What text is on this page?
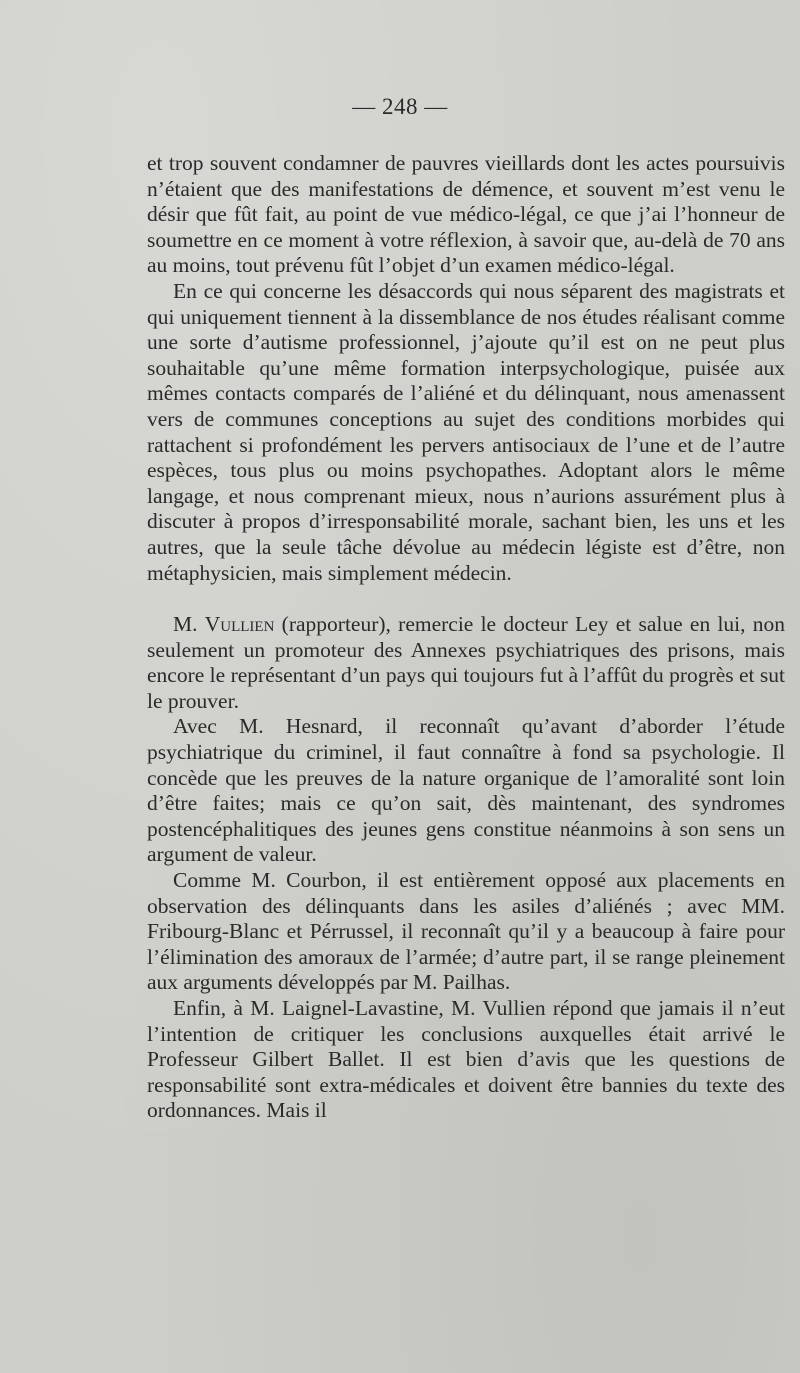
— 248 —

et trop souvent condamner de pauvres vieillards dont les actes poursuivis n’étaient que des manifestations de démence, et souvent m’est venu le désir que fût fait, au point de vue médico-légal, ce que j’ai l’honneur de soumettre en ce moment à votre réflexion, à savoir que, au-delà de 70 ans au moins, tout prévenu fût l’objet d’un examen médico-légal.

En ce qui concerne les désaccords qui nous séparent des magistrats et qui uniquement tiennent à la dissemblance de nos études réalisant comme une sorte d’autisme professionnel, j’ajoute qu’il est on ne peut plus souhaitable qu’une même formation interpsychologique, puisée aux mêmes contacts comparés de l’aliéné et du délinquant, nous amenassent vers de communes conceptions au sujet des conditions morbides qui rattachent si profondément les pervers antisociaux de l’une et de l’autre espèces, tous plus ou moins psychopathes. Adoptant alors le même langage, et nous comprenant mieux, nous n’aurions assurément plus à discuter à propos d’irresponsabilité morale, sachant bien, les uns et les autres, que la seule tâche dévolue au médecin légiste est d’être, non métaphysicien, mais simplement médecin.

M. Vullien (rapporteur), remercie le docteur Ley et salue en lui, non seulement un promoteur des Annexes psychiatriques des prisons, mais encore le représentant d’un pays qui toujours fut à l’affût du progrès et sut le prouver.

Avec M. Hesnard, il reconnaît qu’avant d’aborder l’étude psychiatrique du criminel, il faut connaître à fond sa psychologie. Il concède que les preuves de la nature organique de l’amoralité sont loin d’être faites; mais ce qu’on sait, dès maintenant, des syndromes postencéphalitiques des jeunes gens constitue néanmoins à son sens un argument de valeur.

Comme M. Courbon, il est entièrement opposé aux placements en observation des délinquants dans les asiles d’aliénés ; avec MM. Fribourg-Blanc et Pérrussel, il reconnaît qu’il y a beaucoup à faire pour l’élimination des amoraux de l’armée; d’autre part, il se range pleinement aux arguments développés par M. Pailhas.

Enfin, à M. Laignel-Lavastine, M. Vullien répond que jamais il n’eut l’intention de critiquer les conclusions auxquelles était arrivé le Professeur Gilbert Ballet. Il est bien d’avis que les questions de responsabilité sont extra-médicales et doivent être bannies du texte des ordonnances. Mais il
